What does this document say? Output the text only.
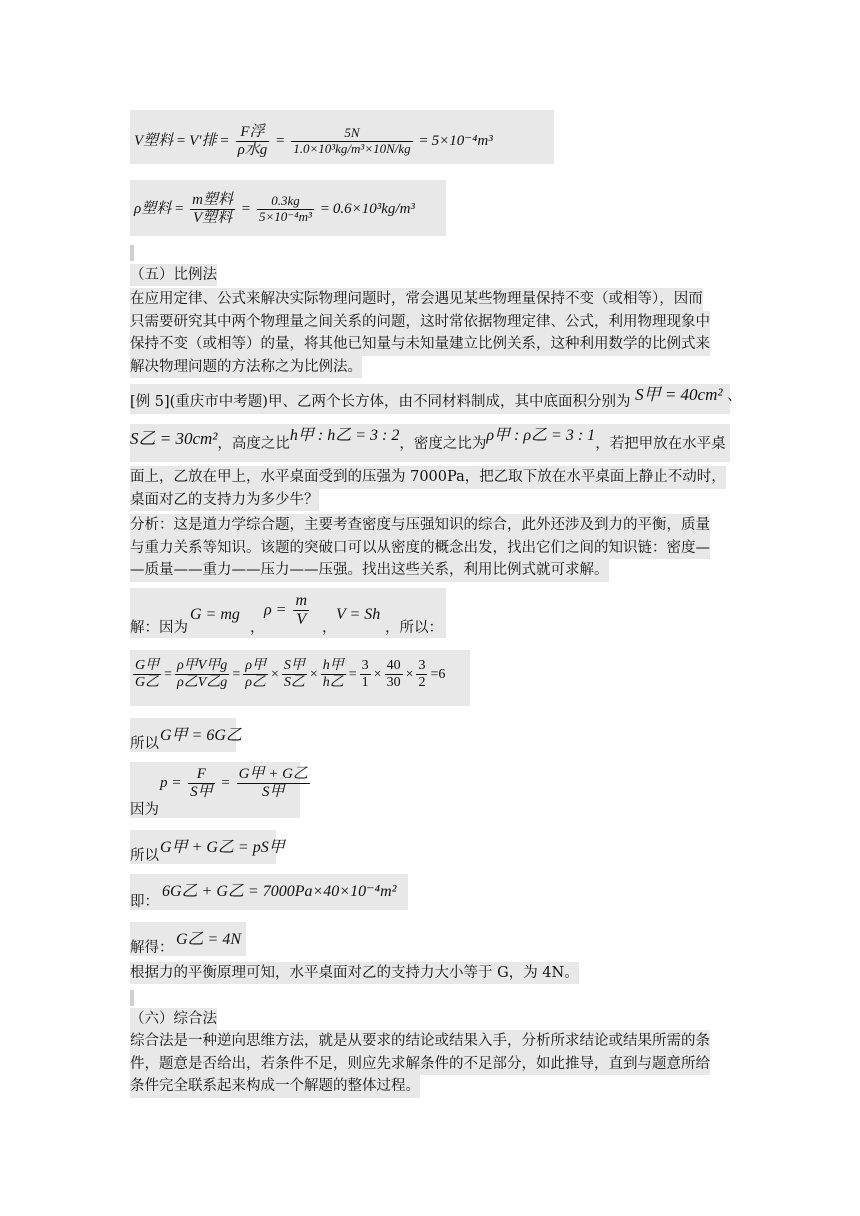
V塑料 = V′排 = $\frac{\text{F浮}}{\text{ρ水g}} = \frac{5N}{\text{1.0×10³kg/m³×10N/kg}} = 5\times 10^{-4}m^3$
ρ塑料 = $\frac{\text{m塑料}}{\text{V塑料}} = \frac{0.3kg}{\text{5×10⁻⁴m³}} = 0.6\times 10^3kg/m^3$
（五）比例法
在应用定律、公式来解决实际物理问题时，常会遇见某些物理量保持不变（或相等），因而
只需要研究其中两个物理量之间关系的问题，这时常依据物理定律、公式，利用物理现象中
保持不变（或相等）的量，将其他已知量与未知量建立比例关系，这种利用数学的比例式来
解决物理问题的方法称之为比例法。
[例 5](重庆市中考题)甲、乙两个长方体，由不同材料制成，其中底面积分别为 S甲 = 40cm² 、
S乙 = 30cm²，高度之比h甲 : h乙 = 3 : 2，密度之比为ρ甲 : ρ乙 = 3 : 1，若把甲放在水平桌
面上，乙放在甲上，水平桌面受到的压强为 7000Pa，把乙取下放在水平桌面上静止不动时，
桌面对乙的支持力为多少牛？
分析：这是道力学综合题，主要考查密度与压强知识的综合，此外还涉及到力的平衡，质量
与重力关系等知识。该题的突破口可以从密度的概念出发，找出它们之间的知识链：密度—
—质量——重力——压力——压强。找出这些关系，利用比例式就可求解。
解：因为
G = mg
，
$\rho = \frac{m}{V}$ ，
V = Sh
，所以：
$\frac{\text{G甲}}{\text{G乙}} = \frac{\text{ρ甲V甲g}}{\text{ρ乙V乙g}} = \frac{\text{ρ甲}}{\text{ρ乙}} \times \frac{\text{S甲}}{\text{S乙}} \times \frac{\text{h甲}}{\text{h乙}} = \frac{3}{1} \times \frac{40}{30} \times \frac{3}{2} =6$
所以 G甲 = 6G乙
因为
$p = \frac{F}{\text{S甲}} = \frac{\text{G甲 + G乙}}{\text{S甲}}$
所以 G甲 + G乙 = pS甲
即：
6G乙 + G乙 = 7000Pa×40×10⁻⁴m²
解得： G乙 = 4N
根据力的平衡原理可知，水平桌面对乙的支持力大小等于 G，为 4N。
（六）综合法
综合法是一种逆向思维方法，就是从要求的结论或结果入手，分析所求结论或结果所需的条
件，题意是否给出，若条件不足，则应先求解条件的不足部分，如此推导，直到与题意所给
条件完全联系起来构成一个解题的整体过程。
